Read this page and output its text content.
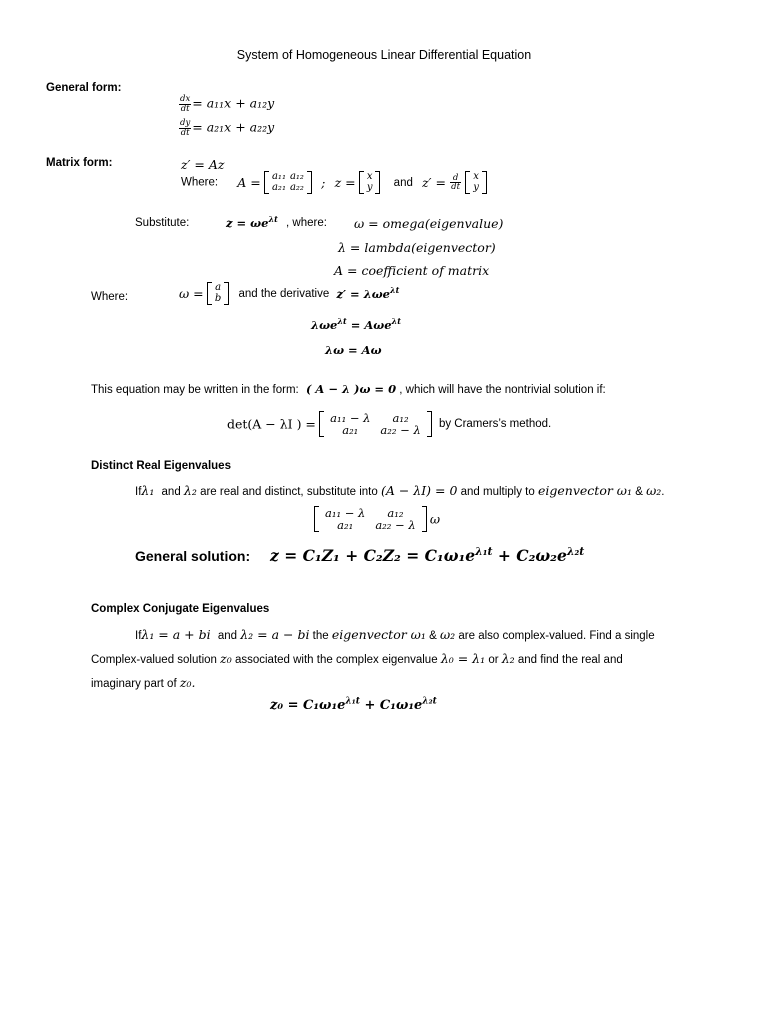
System of Homogeneous Linear Differential Equation
General form:
$\frac{dx}{dt} = a_{11}x + a_{12}y$
$\frac{dy}{dt} = a_{21}x + a_{22}y$
Matrix form:	z′ = Az
Where: A = a₁₁	a₁₂
a₂₁	a₂₂ ; z = x
y and $z' = \frac{d}{dt}$
x
y
Substitute:	$z = \omega e^{\lambda t}$ , where: ω = omega(eigenvalue)
λ = lambda(eigenvector)
A = coefficient of matrix
Where:	ω = a
b and the derivative z′ = λωe$^{\lambda t}$
λωe$^{\lambda t}$ = Aωe$^{\lambda t}$
λω = Aω
This equation may be written in the form: ( A − λ )ω = 0 , which will have the nontrivial solution if:
det(A − λI ) = a₁₁ − λ	a₁₂
a₂₁	a₂₂ − λ by Cramers’s method.
Distinct Real Eigenvalues
Ifλ₁ and λ₂ are real and distinct, substitute into (A − λI) = 0 and multiply to eigenvector ω₁ & ω₂.
a₁₁ − λ	a₁₂
a₂₁	a₂₂ − λ ω
General solution: $z = C_1Z_1 + C_2Z_2 = C_1\omega_1e^{\lambda_1t} + C_2\omega_2e^{\lambda_2t}$
Complex Conjugate Eigenvalues
Ifλ₁ = a + bi and λ₂ = a − bi the eigenvector ω₁ & ω₂ are also complex-valued. Find a single
Complex-valued solution z₀ associated with the complex eigenvalue λ₀ = λ₁ or λ₂ and find the real and
imaginary part of z₀.
$z_0 = C_1\omega_1e^{\lambda_1t} + C_1\omega_1e^{\lambda_2t}$
